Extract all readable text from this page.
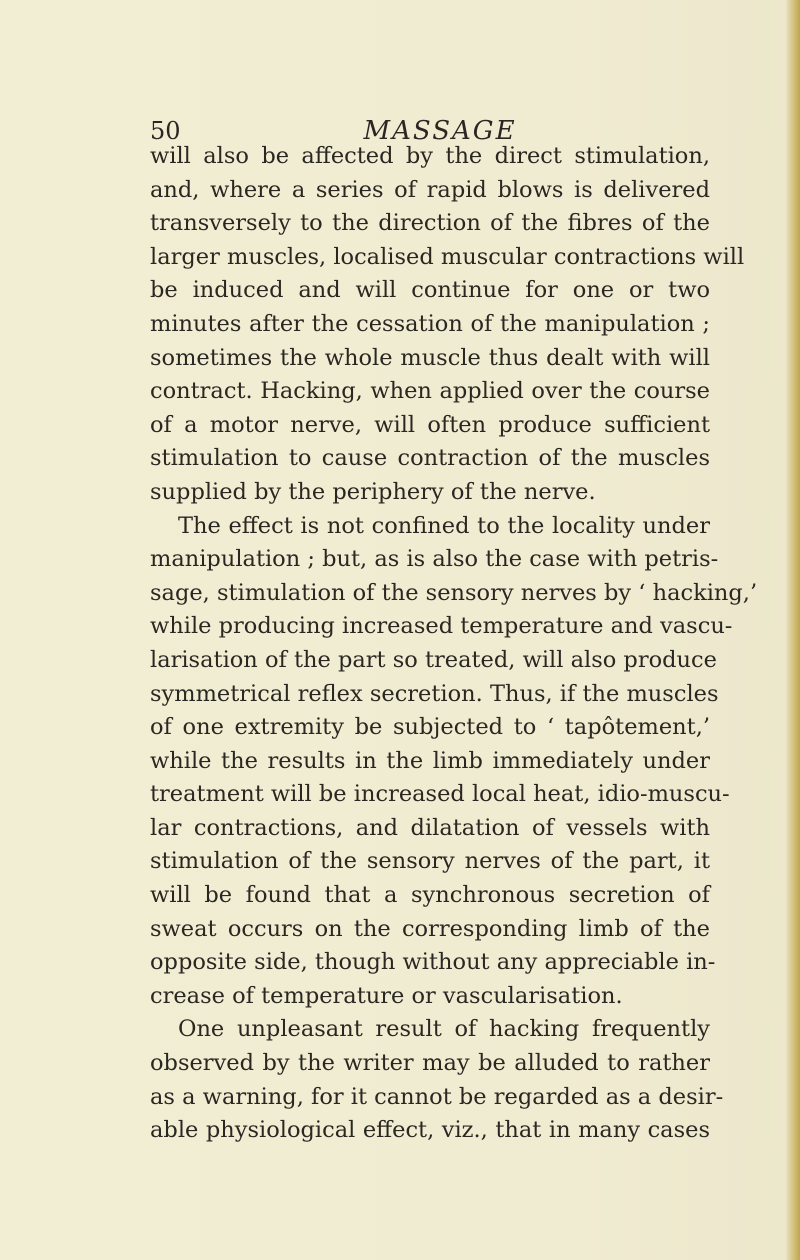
50	MASSAGE
will also be affected by the direct stimulation,
and, where a series of rapid blows is delivered
transversely to the direction of the fibres of the
larger muscles, localised muscular contractions will
be induced and will continue for one or two
minutes after the cessation of the manipulation ;
sometimes the whole muscle thus dealt with will
contract. Hacking, when applied over the course
of a motor nerve, will often produce sufficient
stimulation to cause contraction of the muscles
supplied by the periphery of the nerve.
The effect is not confined to the locality under
manipulation ; but, as is also the case with petris-
sage, stimulation of the sensory nerves by ‘ hacking,’
while producing increased temperature and vascu-
larisation of the part so treated, will also produce
symmetrical reflex secretion. Thus, if the muscles
of one extremity be subjected to ‘ tapôtement,’
while the results in the limb immediately under
treatment will be increased local heat, idio-muscu-
lar contractions, and dilatation of vessels with
stimulation of the sensory nerves of the part, it
will be found that a synchronous secretion of
sweat occurs on the corresponding limb of the
opposite side, though without any appreciable in-
crease of temperature or vascularisation.
One unpleasant result of hacking frequently
observed by the writer may be alluded to rather
as a warning, for it cannot be regarded as a desir-
able physiological effect, viz., that in many cases
